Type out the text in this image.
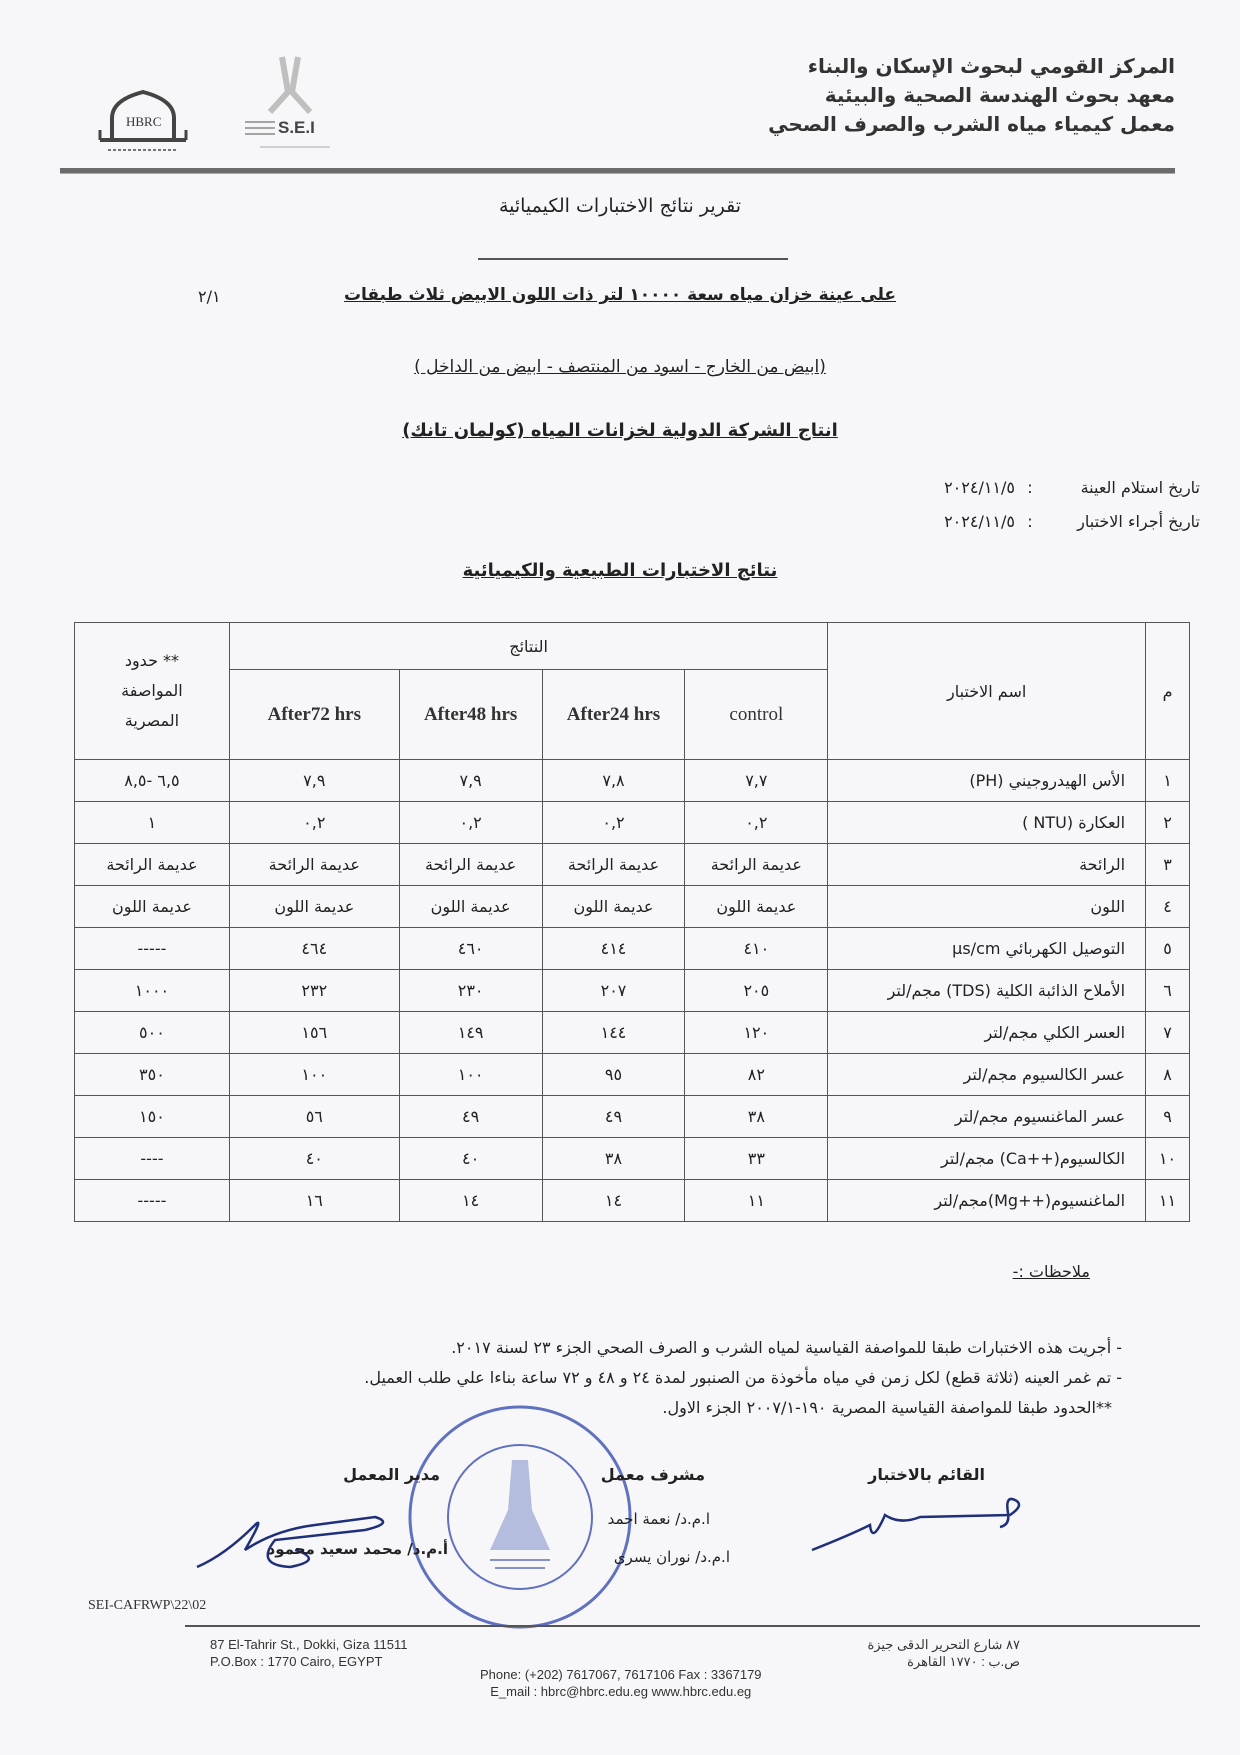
المركز القومي لبحوث الإسكان والبناء
معهد بحوث الهندسة الصحية والبيئية
معمل كيمياء مياه الشرب والصرف الصحي
HBRC	S.E.I
تقرير نتائج الاختبارات الكيميائية
٢/١	على عينة خزان مياه سعة ١٠٠٠٠ لتر ذات اللون الابيض ثلاث طبقات
(ابيض من الخارج - اسود من المنتصف - ابيض من الداخل )
انتاج الشركة الدولية لخزانات المياه (كولمان تانك)
تاريخ استلام العينة
:
٢٠٢٤/١١/٥
تاريخ أجراء الاختبار
:
٢٠٢٤/١١/٥
نتائج الاختبارات الطبيعية والكيميائية
م	اسم الاختبار	النتائج				** حدود
المواصفة
المصرية

		control	After24 hrs	After48 hrs	After72 hrs	
١	الأس الهيدروجيني (PH)	٧,٧	٧,٨	٧,٩	٧,٩	٦,٥ -٨,٥
٢	العكارة (NTU )	٠,٢	٠,٢	٠,٢	٠,٢	١
٣	الرائحة	عديمة الرائحة	عديمة الرائحة	عديمة الرائحة	عديمة الرائحة	عديمة الرائحة
٤	اللون	عديمة اللون	عديمة اللون	عديمة اللون	عديمة اللون	عديمة اللون
٥	التوصيل الكهربائي µs/cm	٤١٠	٤١٤	٤٦٠	٤٦٤	-----
٦	الأملاح الذائبة الكلية (TDS) مجم/لتر	٢٠٥	٢٠٧	٢٣٠	٢٣٢	١٠٠٠
٧	العسر الكلي مجم/لتر	١٢٠	١٤٤	١٤٩	١٥٦	٥٠٠
٨	عسر الكالسيوم مجم/لتر	٨٢	٩٥	١٠٠	١٠٠	٣٥٠
٩	عسر الماغنسيوم مجم/لتر	٣٨	٤٩	٤٩	٥٦	١٥٠
١٠	الكالسيوم(++Ca) مجم/لتر	٣٣	٣٨	٤٠	٤٠	----
١١	الماغنسيوم(++Mg)مجم/لتر	١١	١٤	١٤	١٦	-----
ملاحظات :-
- أجريت هذه الاختبارات طبقا للمواصفة القياسية لمياه الشرب و الصرف الصحي الجزء ٢٣ لسنة ٢٠١٧.
- تم غمر العينه (ثلاثة قطع) لكل زمن في مياه مأخوذة من الصنبور لمدة ٢٤ و ٤٨ و ٧٢ ساعة بناءا علي طلب العميل.
**الحدود طبقا للمواصفة القياسية المصرية ١٩٠-٢٠٠٧/١ الجزء الاول.
القائم بالاختبار
مشرف معمل
ا.م.د/ نعمة احمد
ا.م.د/ نوران يسرى
مدير المعمل
أ.م.د/ محمد سعيد محمود
SEI-CAFRWP\22\02
87 El-Tahrir St., Dokki, Giza 11511
P.O.Box : 1770 Cairo, EGYPT
Phone: (+202) 7617067, 7617106 Fax : 3367179
E_mail : hbrc@hbrc.edu.eg www.hbrc.edu.eg
٨٧ شارع التحرير الدقى جيزة
ص.ب : ١٧٧٠ القاهرة
